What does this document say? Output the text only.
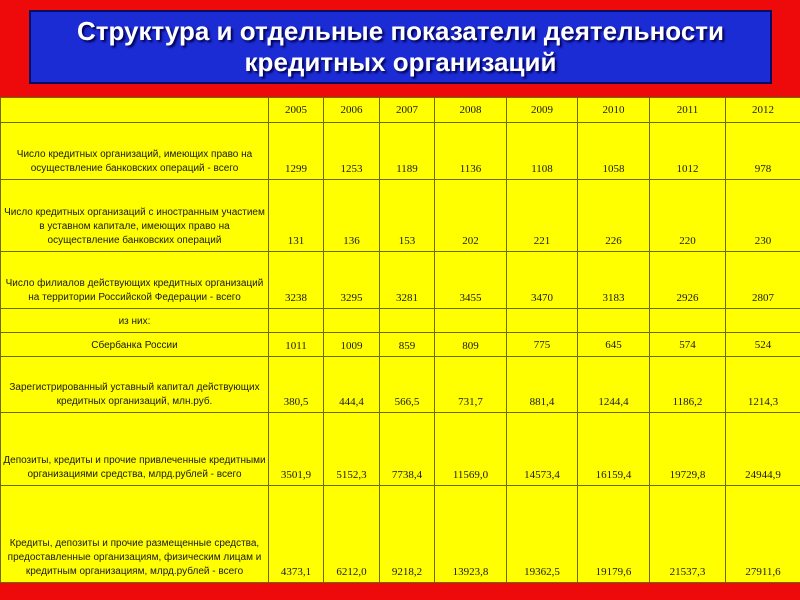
Структура и отдельные показатели деятельности
кредитных организаций
	2005	2006	2007	2008	2009	2010	2011	2012
Число кредитных организаций, имеющих право на осуществление банковских операций - всего	1299	1253	1189	1136	1108	1058	1012	978
Число кредитных организаций с иностранным участием в уставном капитале, имеющих право на осуществление банковских операций	131	136	153	202	221	226	220	230
Число филиалов действующих кредитных организаций на территории Российской Федерации - всего	3238	3295	3281	3455	3470	3183	2926	2807
из них:								
Сбербанка России	1011	1009	859	809	775	645	574	524
Зарегистрированный уставный капитал действующих кредитных организаций, млн.руб.	380,5	444,4	566,5	731,7	881,4	1244,4	1186,2	1214,3
Депозиты, кредиты и прочие привлеченные кредитными организациями средства, млрд.рублей - всего	3501,9	5152,3	7738,4	11569,0	14573,4	16159,4	19729,8	24944,9
Кредиты, депозиты и прочие размещенные средства, предоставленные организациям, физическим лицам и кредитным организациям, млрд.рублей - всего	4373,1	6212,0	9218,2	13923,8	19362,5	19179,6	21537,3	27911,6
